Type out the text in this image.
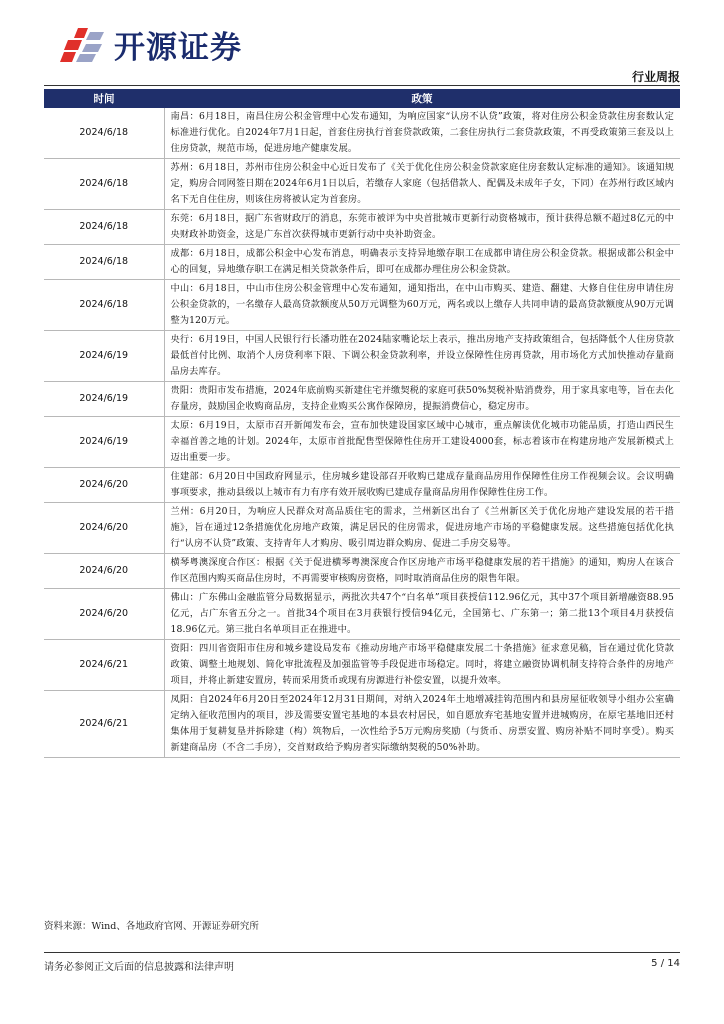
开源证券
行业周报
时间	政策
2024/6/18	南昌：6月18日，南昌住房公积金管理中心发布通知，为响应国家“认房不认贷”政策，将对住房公积金贷款住房套数认定标准进行优化。自2024年7月1日起，首套住房执行首套贷款政策，二套住房执行二套贷款政策，不再受政策第三套及以上住房贷款，规范市场，促进房地产健康发展。
2024/6/18	苏州：6月18日，苏州市住房公积金中心近日发布了《关于优化住房公积金贷款家庭住房套数认定标准的通知》。该通知规定，购房合同网签日期在2024年6月1日以后，若缴存人家庭（包括借款人、配偶及未成年子女，下同）在苏州行政区域内名下无自住住房，则该住房将被认定为首套房。
2024/6/18	东莞：6月18日，据广东省财政厅的消息，东莞市被评为中央首批城市更新行动资格城市，预计获得总额不超过8亿元的中央财政补助资金，这是广东首次获得城市更新行动中央补助资金。
2024/6/18	成都：6月18日，成都公积金中心发布消息，明确表示支持异地缴存职工在成都申请住房公积金贷款。根据成都公积金中心的回复，异地缴存职工在满足相关贷款条件后，即可在成都办理住房公积金贷款。
2024/6/18	中山：6月18日，中山市住房公积金管理中心发布通知，通知指出，在中山市购买、建造、翻建、大修自住住房申请住房公积金贷款的，一名缴存人最高贷款额度从50万元调整为60万元，两名或以上缴存人共同申请的最高贷款额度从90万元调整为120万元。
2024/6/19	央行：6月19日，中国人民银行行长潘功胜在2024陆家嘴论坛上表示，推出房地产支持政策组合，包括降低个人住房贷款最低首付比例、取消个人房贷利率下限、下调公积金贷款利率，并设立保障性住房再贷款，用市场化方式加快推动存量商品房去库存。
2024/6/19	贵阳：贵阳市发布措施，2024年底前购买新建住宅并缴契税的家庭可获50%契税补贴消费券，用于家具家电等，旨在去化存量房，鼓励国企收购商品房，支持企业购买公寓作保障房，提振消费信心，稳定房市。
2024/6/19	太原：6月19日，太原市召开新闻发布会，宣布加快建设国家区域中心城市，重点解读优化城市功能品质，打造山西民生幸福首善之地的计划。2024年，太原市首批配售型保障性住房开工建设4000套，标志着该市在构建房地产发展新模式上迈出重要一步。
2024/6/20	住建部：6月20日中国政府网显示，住房城乡建设部召开收购已建成存量商品房用作保障性住房工作视频会议。会议明确事项要求，推动县级以上城市有力有序有效开展收购已建成存量商品房用作保障性住房工作。
2024/6/20	兰州：6月20日，为响应人民群众对高品质住宅的需求，兰州新区出台了《兰州新区关于优化房地产建设发展的若干措施》，旨在通过12条措施优化房地产政策，满足居民的住房需求，促进房地产市场的平稳健康发展。这些措施包括优化执行“认房不认贷”政策、支持青年人才购房、吸引周边群众购房、促进二手房交易等。
2024/6/20	横琴粤澳深度合作区：根据《关于促进横琴粤澳深度合作区房地产市场平稳健康发展的若干措施》的通知，购房人在该合作区范围内购买商品住房时，不再需要审核购房资格，同时取消商品住房的限售年限。
2024/6/20	佛山：广东佛山金融监管分局数据显示，两批次共47个“白名单”项目获授信112.96亿元，其中37个项目新增融资88.95亿元，占广东省五分之一。首批34个项目在3月获银行授信94亿元，全国第七、广东第一；第二批13个项目4月获授信18.96亿元。第三批白名单项目正在推进中。
2024/6/21	资阳：四川省资阳市住房和城乡建设局发布《推动房地产市场平稳健康发展二十条措施》征求意见稿，旨在通过优化贷款政策、调整土地规划、简化审批流程及加强监管等手段促进市场稳定。同时，将建立融资协调机制支持符合条件的房地产项目，并将止新建安置房，转而采用货币或现有房源进行补偿安置，以提升效率。
2024/6/21	凤阳：自2024年6月20日至2024年12月31日期间，对纳入2024年土地增减挂钩范围内和县房屋征收领导小组办公室确定纳入征收范围内的项目，涉及需要安置宅基地的本县农村居民，如自愿放弃宅基地安置并进城购房，在原宅基地旧还村集体用于复耕复垦并拆除建（构）筑物后，一次性给予5万元购房奖励（与货币、房票安置、购房补贴不同时享受）。购买新建商品房（不含二手房），交首财政给予购房者实际缴纳契税的50%补助。
资料来源：Wind、各地政府官网、开源证券研究所
请务必参阅正文后面的信息披露和法律声明	5 / 14
